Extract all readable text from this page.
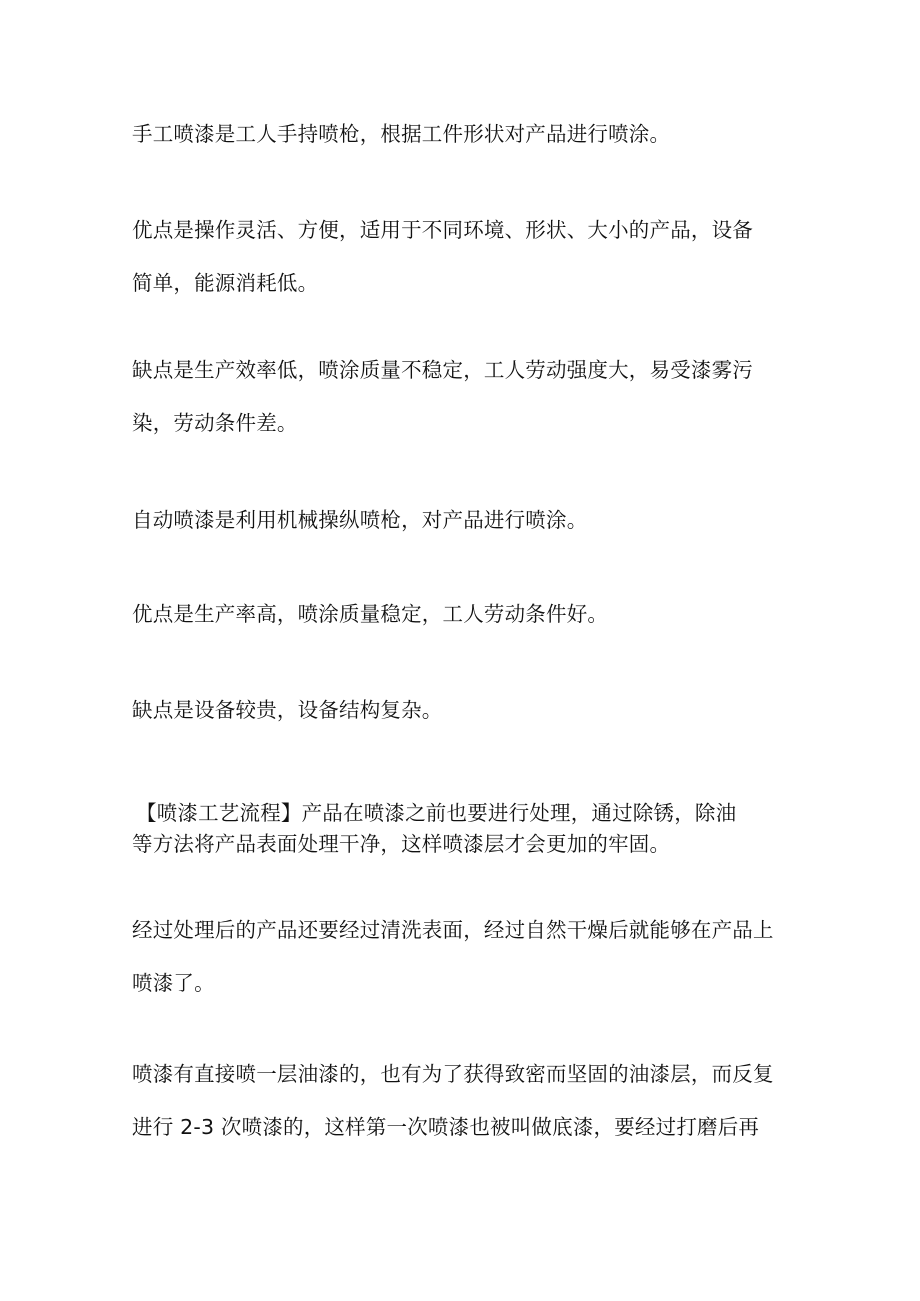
手工喷漆是工人手持喷枪，根据工件形状对产品进行喷涂。

优点是操作灵活、方便，适用于不同环境、形状、大小的产品，设备
简单，能源消耗低。

缺点是生产效率低，喷涂质量不稳定，工人劳动强度大，易受漆雾污
染，劳动条件差。

自动喷漆是利用机械操纵喷枪，对产品进行喷涂。

优点是生产率高，喷涂质量稳定，工人劳动条件好。

缺点是设备较贵，设备结构复杂。

【喷漆工艺流程】产品在喷漆之前也要进行处理，通过除锈，除油
等方法将产品表面处理干净，这样喷漆层才会更加的牢固。

经过处理后的产品还要经过清洗表面，经过自然干燥后就能够在产品上
喷漆了。

喷漆有直接喷一层油漆的，也有为了获得致密而坚固的油漆层，而反复
进行 2-3 次喷漆的，这样第一次喷漆也被叫做底漆，要经过打磨后再
